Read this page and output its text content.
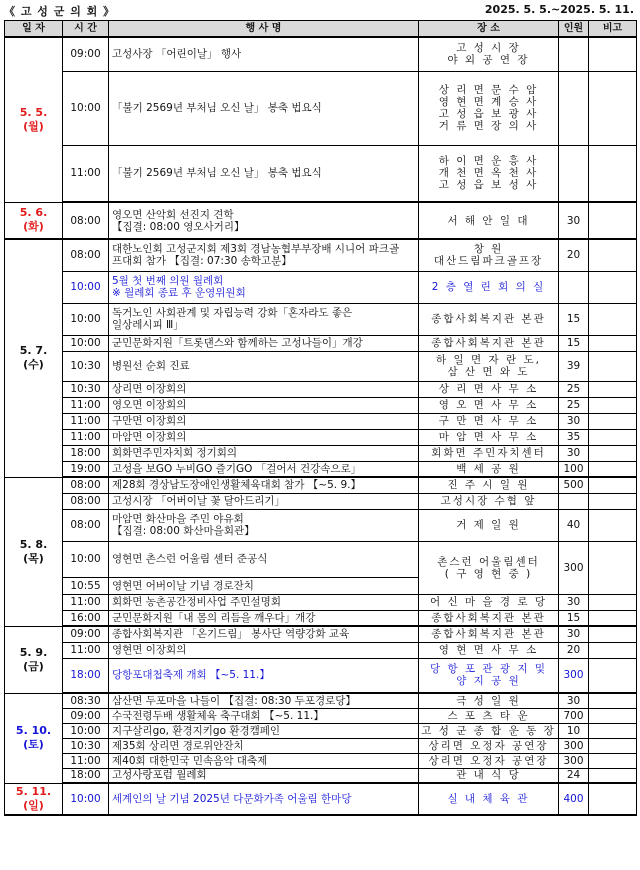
《 고 성 군 의 회 》	2025. 5. 5.~2025. 5. 11.
일 자	시 간	행 사 명	장 소	인원	비고

5. 5.
(월)	09:00	고성사장 「어린이날」 행사	고 성 시 장
야 외 공 연 장		

	10:00	「불기 2569년 부처님 오신 날」 봉축 법요식	상 리 면 문 수 암
영 현 면 계 승 사
고 성 읍 보 광 사
거 류 면 장 의 사		

	11:00	「불기 2569년 부처님 오신 날」 봉축 법요식	하 이 면 운 흥 사
개 천 면 옥 천 사
고 성 읍 보 성 사		

5. 6.
(화)	08:00	영오면 산악회 선진지 견학
【집결: 08:00 영오사거리】	서 해 안 일 대	30	

5. 7.
(수)	08:00	대한노인회 고성군지회 제3회 경남농협부부장배 시니어 파크골
프대회 참가 【집결: 07:30 송학고분】	창 원
대산드림파크골프장	20	
	10:00	5월 첫 번째 의원 월례회
※ 월례회 종료 후 운영위원회	2 층 열 린 회 의 실		

	10:00	독거노인 사회관계 및 자립능력 강화「혼자라도 좋은
일상레시피 Ⅲ」	종합사회복지관 본관	15	
	10:00	군민문화지원「트롯댄스와 함께하는 고성나들이」개강	종합사회복지관 본관	15	
	10:30	병원선 순회 진료	하 일 면 자 란 도,
삼 산 면 와 도	39	
	10:30	상리면 이장회의	상 리 면 사 무 소	25	
	11:00	영오면 이장회의	영 오 면 사 무 소	25	
	11:00	구만면 이장회의	구 만 면 사 무 소	30	
	11:00	마암면 이장회의	마 암 면 사 무 소	35	
	18:00	회화면주민자치회 정기회의	회화면 주민자치센터	30	
	19:00	고성을 보GO 누비GO 즐기GO 「걸어서 건강속으로」	백 세 공 원	100	

5. 8.
(목)	08:00	제28회 경상남도장애인생활체육대회 참가 【~5. 9.】	진 주 시 일 원	500	
	08:00	고성시장 「어버이날 꽃 달아드리기」	고성시장 수협 앞		

	08:00	마암면 화산마을 주민 야유회
【집결: 08:00 화산마을회관】	거 제 일 원	40	
	10:00	영현면 촌스런 어울림 센터 준공식	촌스런 어울림센터
( 구 영 현 중 )	300	
	10:55	영현면 어버이날 기념 경로잔치			

	11:00	회화면 농촌공간정비사업 주민설명회	어 신 마 을 경 로 당	30	
	16:00	군민문화지원「내 몸의 리듬을 깨우다」개강	종합사회복지관 본관	15	

5. 9.
(금)	09:00	종합사회복지관 「온기드림」 봉사단 역량강화 교육	종합사회복지관 본관	30	
	11:00	영현면 이장회의	영 현 면 사 무 소	20	
	18:00	당항포대첩축제 개회 【~5. 11.】	당 항 포 관 광 지 및
양 지 공 원	300	

5. 10.
(토)	08:30	삼산면 두포마을 나들이 【집결: 08:30 두포경로당】	극 성 일 원	30	
	09:00	수국전령두배 생활체육 축구대회 【~5. 11.】	스 포 츠 타 운	700	
	10:00	지구살리go, 환경지키go 환경캠페인	고 성 군 종 합 운 동 장	10	
	10:30	제35회 상리면 경로위안잔치	상리면 오정자 공연장	300	
	11:00	제40회 대한민국 민속음악 대축제	상리면 오정자 공연장	300	
	18:00	고성사랑포럼 월례회	관 내 식 당	24	

5. 11.
(일)	10:00	세계인의 날 기념 2025년 다문화가족 어울림 한마당	실 내 체 육 관	400	
